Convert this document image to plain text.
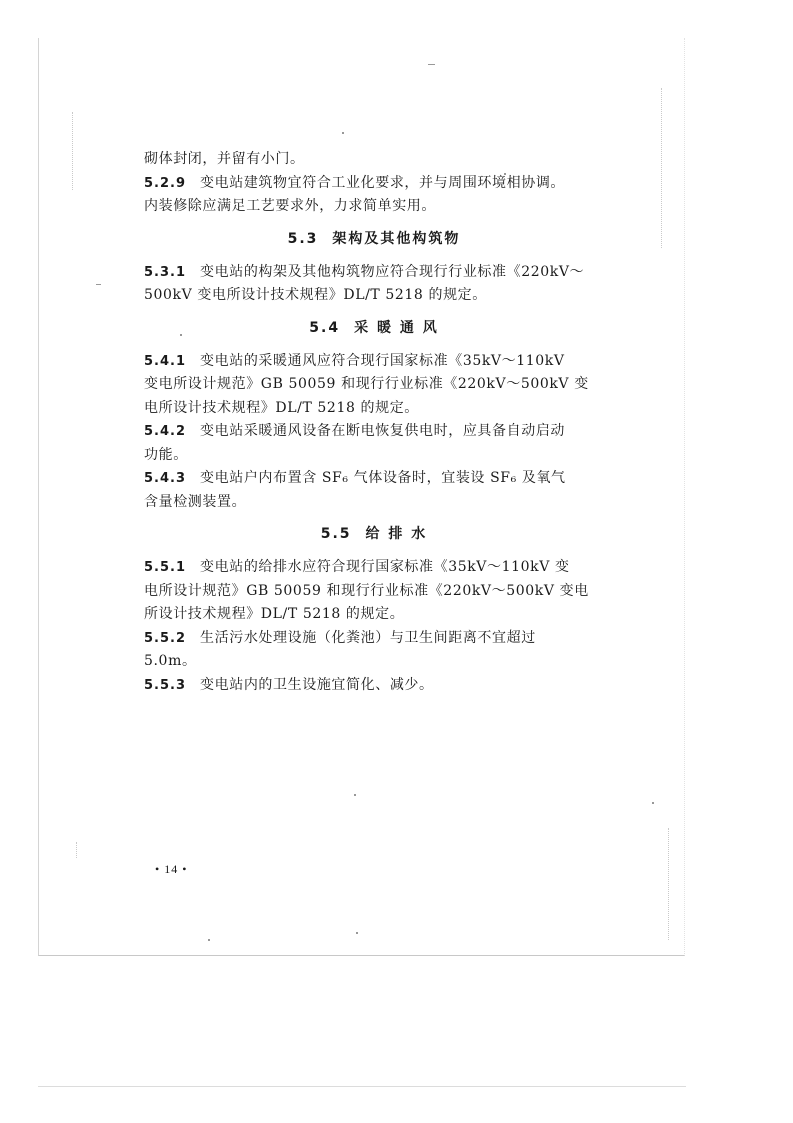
砌体封闭，并留有小门。

5.2.9 变电站建筑物宜符合工业化要求，并与周围环境相协调。

内装修除应满足工艺要求外，力求简单实用。

5.3 架构及其他构筑物

5.3.1 变电站的构架及其他构筑物应符合现行行业标准《220kV～

500kV 变电所设计技术规程》DL/T 5218 的规定。

5.4 采 暖 通 风

5.4.1 变电站的采暖通风应符合现行国家标准《35kV～110kV

变电所设计规范》GB 50059 和现行行业标准《220kV～500kV 变

电所设计技术规程》DL/T 5218 的规定。

5.4.2 变电站采暖通风设备在断电恢复供电时，应具备自动启动

功能。

5.4.3 变电站户内布置含 SF₆ 气体设备时，宜装设 SF₆ 及氧气

含量检测装置。

5.5 给 排 水

5.5.1 变电站的给排水应符合现行国家标准《35kV～110kV 变

电所设计规范》GB 50059 和现行行业标准《220kV～500kV 变电

所设计技术规程》DL/T 5218 的规定。

5.5.2 生活污水处理设施（化粪池）与卫生间距离不宜超过

5.0m。

5.5.3 变电站内的卫生设施宜简化、减少。

• 14 •
